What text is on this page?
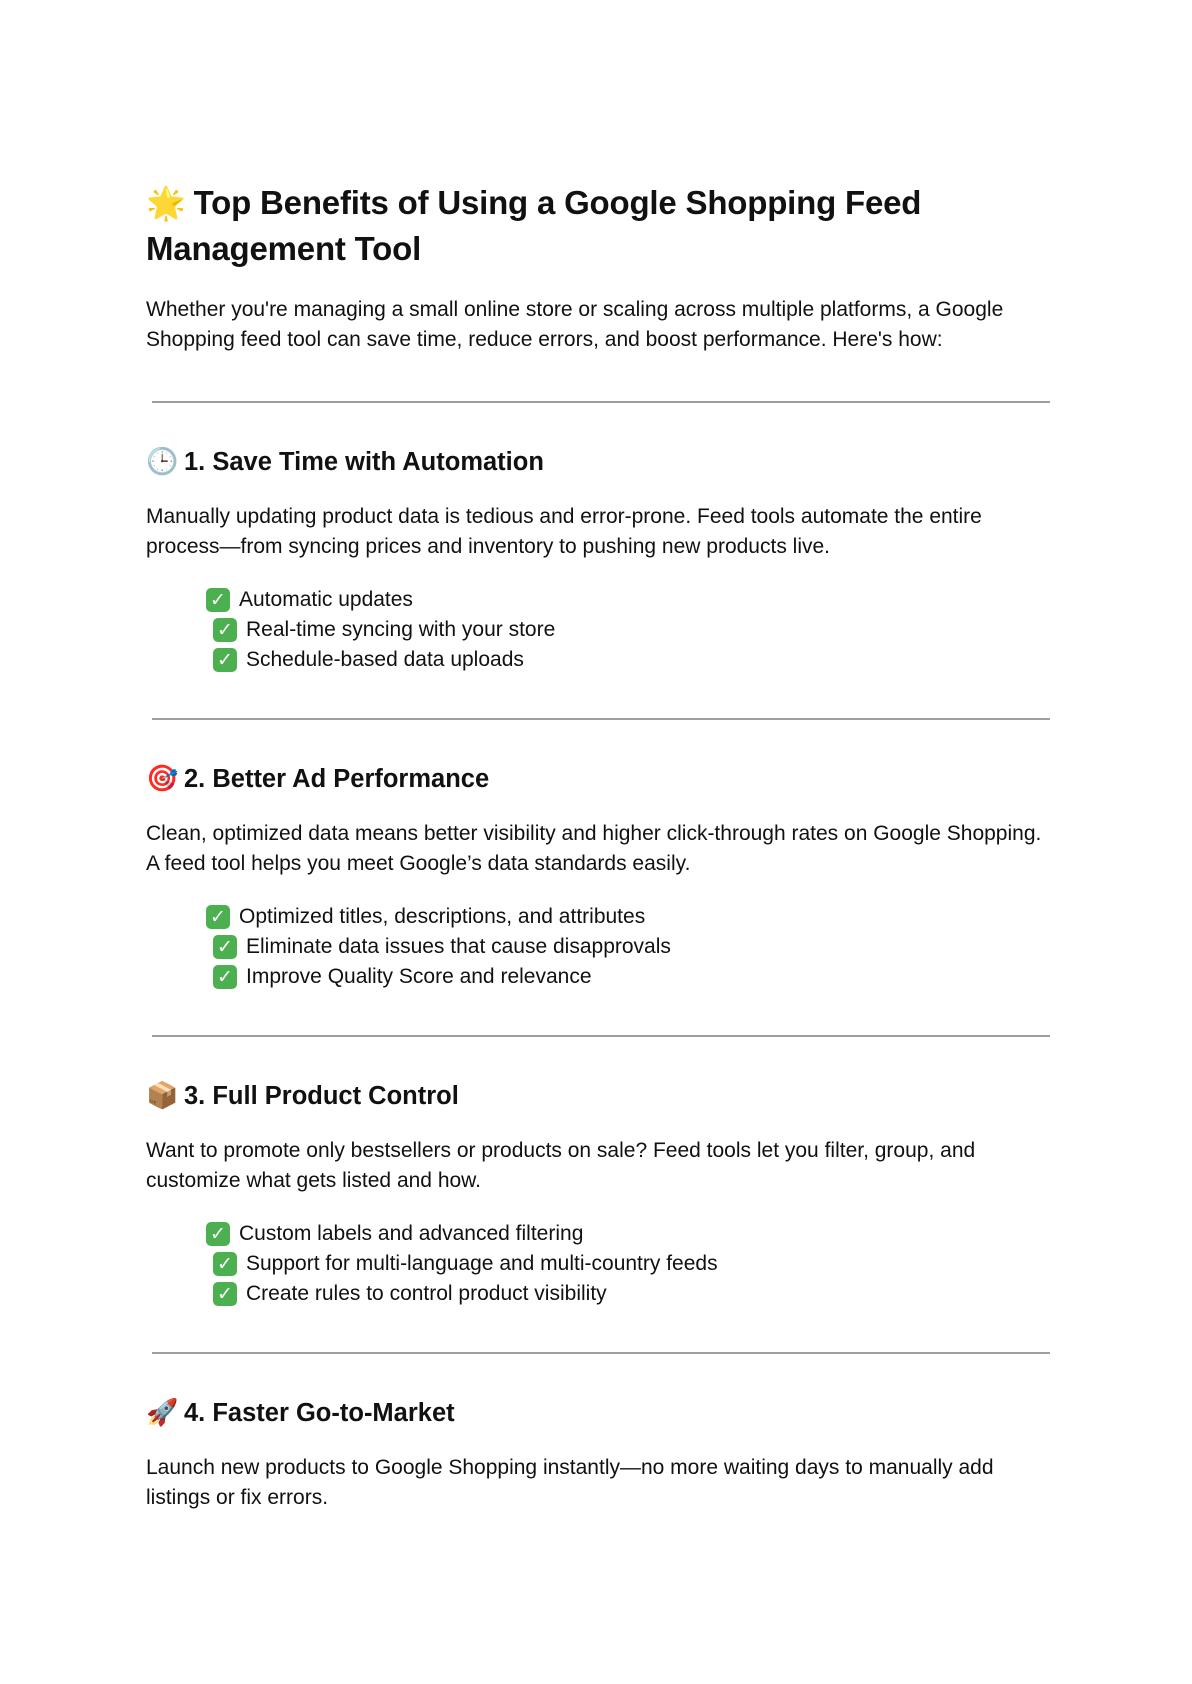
🌟 Top Benefits of Using a Google Shopping Feed Management Tool

Whether you're managing a small online store or scaling across multiple platforms, a Google Shopping feed tool can save time, reduce errors, and boost performance. Here's how:

🕒 1. Save Time with Automation

Manually updating product data is tedious and error-prone. Feed tools automate the entire process—from syncing prices and inventory to pushing new products live.

✓ Automatic updates
✓ Real-time syncing with your store
✓ Schedule-based data uploads
🎯 2. Better Ad Performance

Clean, optimized data means better visibility and higher click-through rates on Google Shopping. A feed tool helps you meet Google’s data standards easily.

✓ Optimized titles, descriptions, and attributes
✓ Eliminate data issues that cause disapprovals
✓ Improve Quality Score and relevance
📦 3. Full Product Control

Want to promote only bestsellers or products on sale? Feed tools let you filter, group, and customize what gets listed and how.

✓ Custom labels and advanced filtering
✓ Support for multi-language and multi-country feeds
✓ Create rules to control product visibility
🚀 4. Faster Go-to-Market

Launch new products to Google Shopping instantly—no more waiting days to manually add listings or fix errors.
